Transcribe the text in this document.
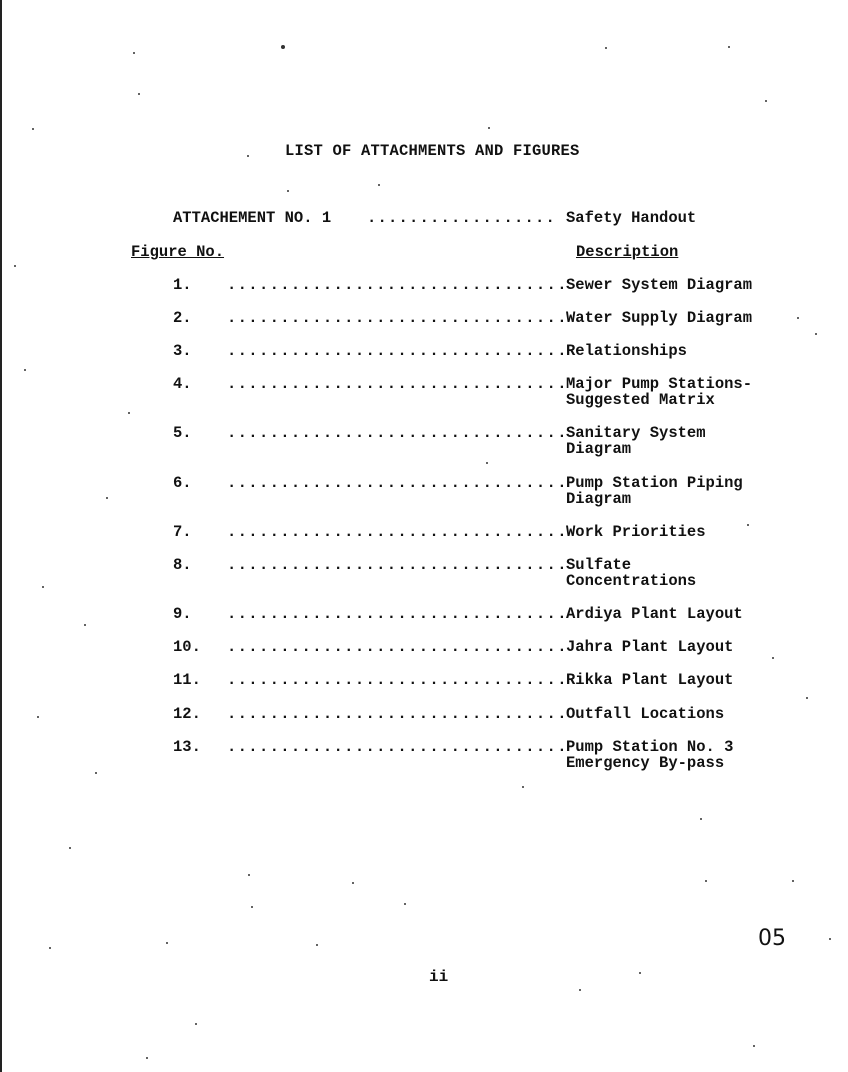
LIST OF ATTACHMENTS AND FIGURES
ATTACHEMENT NO. 1 .................. Safety Handout
Figure No.	Description
1. ................................
Sewer System Diagram
2. ................................
Water Supply Diagram
3. ................................
Relationships
4. ................................
Major Pump Stations-
Suggested Matrix
5. ................................
Sanitary System
Diagram
6. ................................
Pump Station Piping
Diagram
7. ................................
Work Priorities
8. ................................
Sulfate
Concentrations
9. ................................
Ardiya Plant Layout
10. ................................
Jahra Plant Layout
11. ................................
Rikka Plant Layout
12. ................................
Outfall Locations
13. ................................
Pump Station No. 3
Emergency By-pass
ii
05
